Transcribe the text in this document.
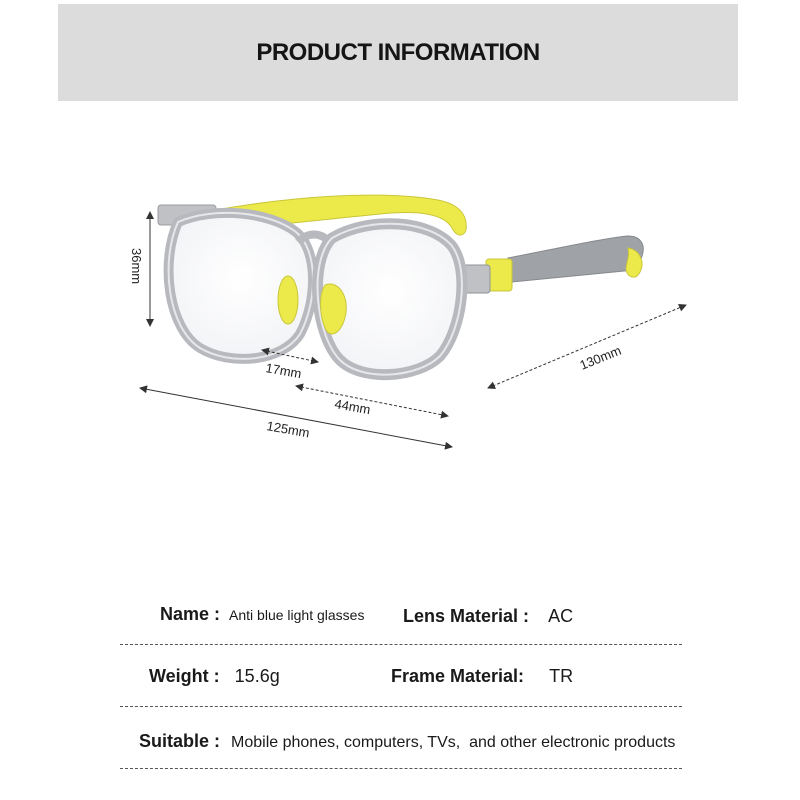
PRODUCT INFORMATION
36mm
17mm
44mm
125mm
130mm
Name : Anti blue light glasses Lens Material : AC
Weight : 15.6g	Frame Material: TR
Suitable : Mobile phones, computers, TVs,  and other electronic products
